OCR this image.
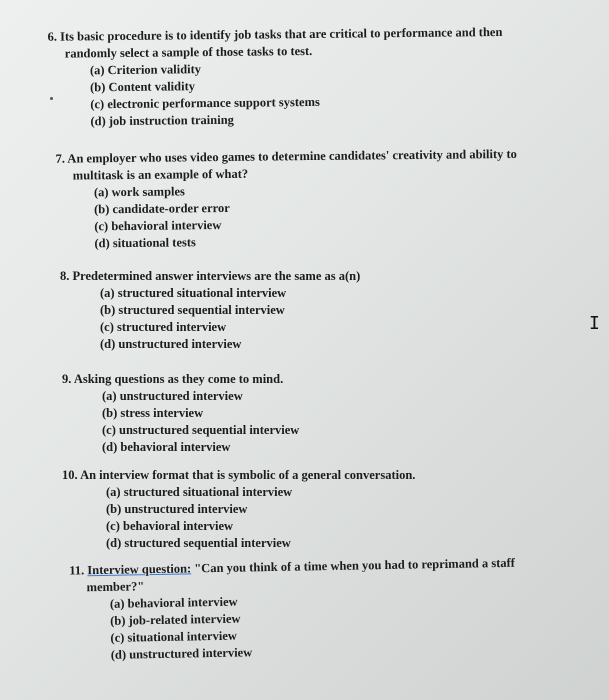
6. Its basic procedure is to identify job tasks that are critical to performance and then
randomly select a sample of those tasks to test.
(a) Criterion validity
(b) Content validity
(c) electronic performance support systems
(d) job instruction training
7. An employer who uses video games to determine candidates' creativity and ability to
multitask is an example of what?
(a) work samples
(b) candidate-order error
(c) behavioral interview
(d) situational tests
8. Predetermined answer interviews are the same as a(n)
(a) structured situational interview
(b) structured sequential interview
(c) structured interview
(d) unstructured interview
9. Asking questions as they come to mind.
(a) unstructured interview
(b) stress interview
(c) unstructured sequential interview
(d) behavioral interview
10. An interview format that is symbolic of a general conversation.
(a) structured situational interview
(b) unstructured interview
(c) behavioral interview
(d) structured sequential interview
11. Interview question: "Can you think of a time when you had to reprimand a staff
member?"
(a) behavioral interview
(b) job-related interview
(c) situational interview
(d) unstructured interview
I
